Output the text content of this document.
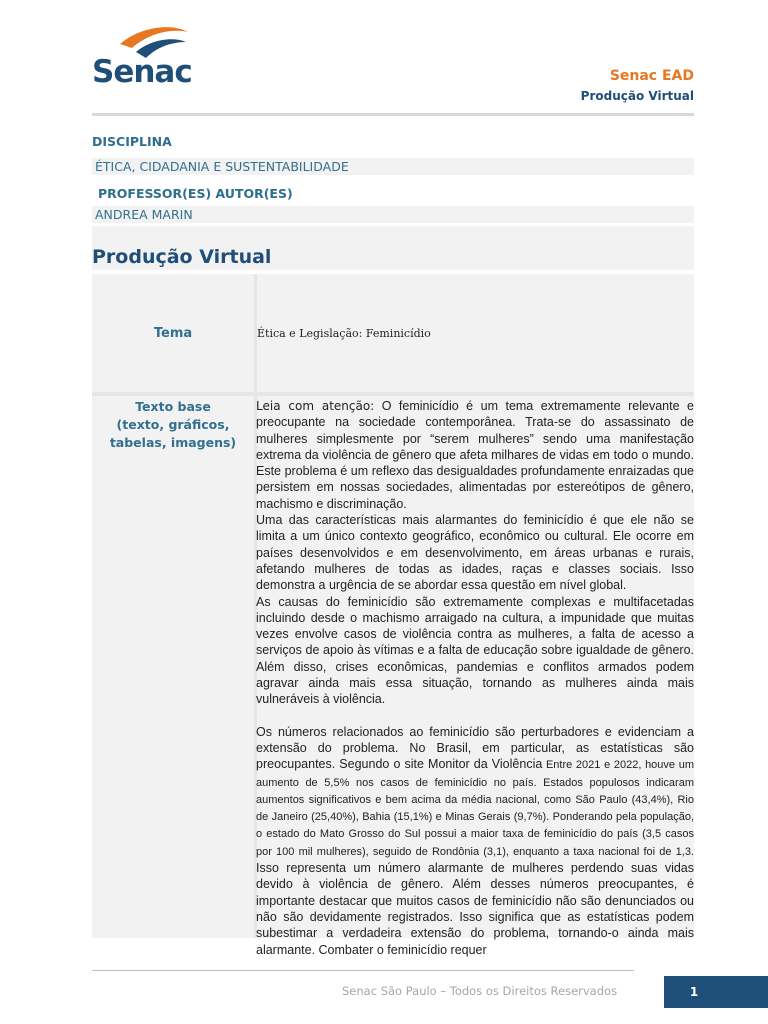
Senac	Senac EAD
Produção Virtual
DISCIPLINA
ÉTICA, CIDADANIA E SUSTENTABILIDADE
PROFESSOR(ES) AUTOR(ES)
ANDREA MARIN
Produção Virtual
Tema	Ética e Legislação: Feminicídio
Texto base
(texto, gráficos,
tabelas, imagens)

Leia com atenção: O feminicídio é um tema extremamente relevante e preocupante na sociedade contemporânea. Trata-se do assassinato de mulheres simplesmente por “serem mulheres” sendo uma manifestação extrema da violência de gênero que afeta milhares de vidas em todo o mundo. Este problema é um reflexo das desigualdades profundamente enraizadas que persistem em nossas sociedades, alimentadas por estereótipos de gênero, machismo e discriminação.

Uma das características mais alarmantes do feminicídio é que ele não se limita a um único contexto geográfico, econômico ou cultural. Ele ocorre em países desenvolvidos e em desenvolvimento, em áreas urbanas e rurais, afetando mulheres de todas as idades, raças e classes sociais. Isso demonstra a urgência de se abordar essa questão em nível global.

As causas do feminicídio são extremamente complexas e multifacetadas incluindo desde o machismo arraigado na cultura, a impunidade que muitas vezes envolve casos de violência contra as mulheres, a falta de acesso a serviços de apoio às vítimas e a falta de educação sobre igualdade de gênero. Além disso, crises econômicas, pandemias e conflitos armados podem agravar ainda mais essa situação, tornando as mulheres ainda mais vulneráveis à violência.

Os números relacionados ao feminicídio são perturbadores e evidenciam a extensão do problema. No Brasil, em particular, as estatísticas são preocupantes. Segundo o site Monitor da Violência Entre 2021 e 2022, houve um aumento de 5,5% nos casos de feminicídio no país. Estados populosos indicaram aumentos significativos e bem acima da média nacional, como São Paulo (43,4%), Rio de Janeiro (25,40%), Bahia (15,1%) e Minas Gerais (9,7%). Ponderando pela população, o estado do Mato Grosso do Sul possui a maior taxa de feminicídio do país (3,5 casos por 100 mil mulheres), seguido de Rondônia (3,1), enquanto a taxa nacional foi de 1,3. Isso representa um número alarmante de mulheres perdendo suas vidas devido à violência de gênero. Além desses números preocupantes, é importante destacar que muitos casos de feminicídio não são denunciados ou não são devidamente registrados. Isso significa que as estatísticas podem subestimar a verdadeira extensão do problema, tornando-o ainda mais alarmante. Combater o feminicídio requer

Senac São Paulo – Todos os Direitos Reservados	1
